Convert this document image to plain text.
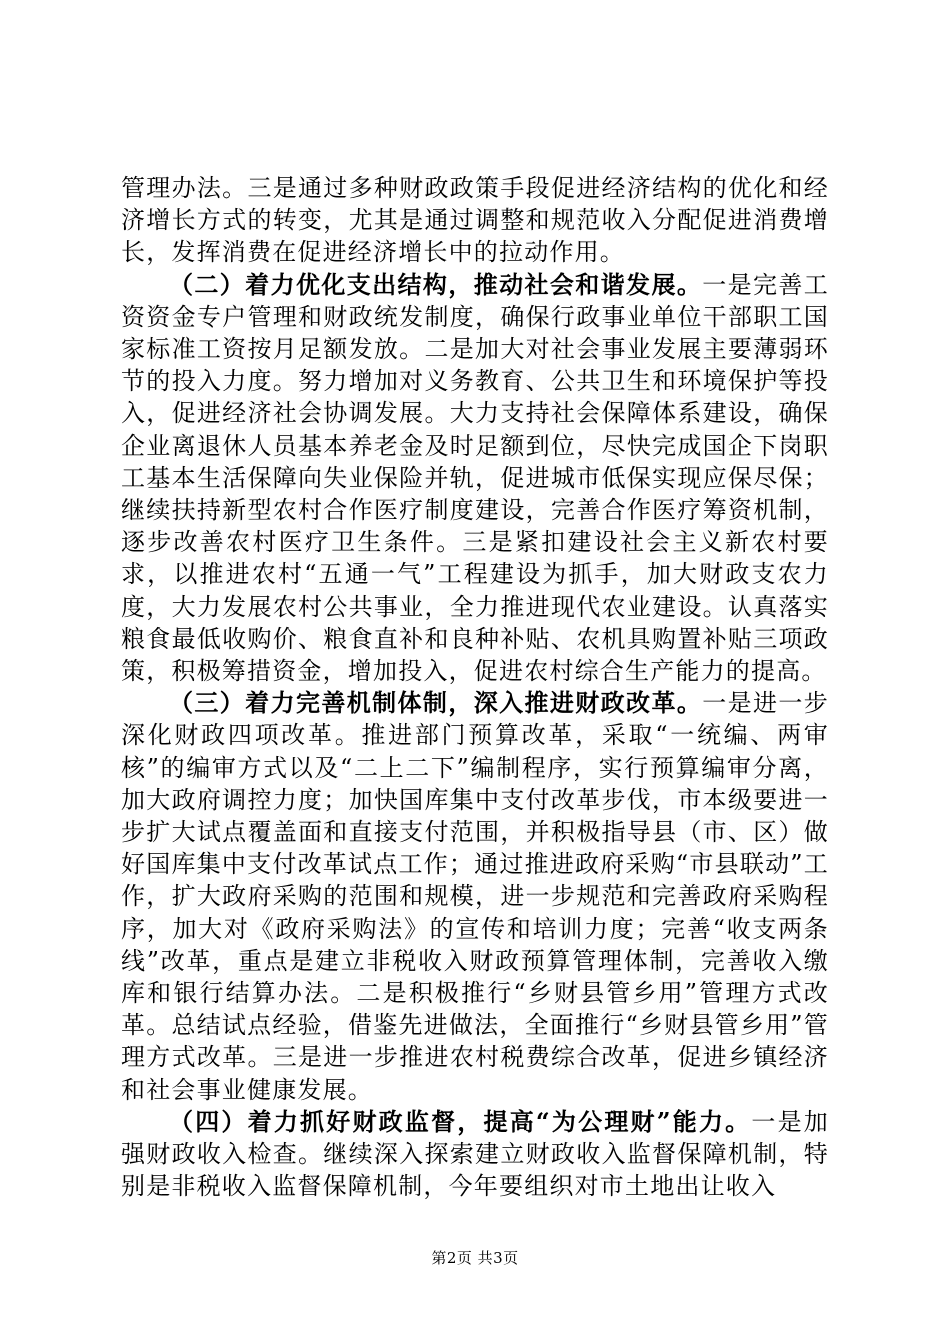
管理办法。三是通过多种财政政策手段促进经济结构的优化和经济增长方式的转变，尤其是通过调整和规范收入分配促进消费增长，发挥消费在促进经济增长中的拉动作用。

（二）着力优化支出结构，推动社会和谐发展。一是完善工资资金专户管理和财政统发制度，确保行政事业单位干部职工国家标准工资按月足额发放。二是加大对社会事业发展主要薄弱环节的投入力度。努力增加对义务教育、公共卫生和环境保护等投入，促进经济社会协调发展。大力支持社会保障体系建设，确保企业离退休人员基本养老金及时足额到位，尽快完成国企下岗职工基本生活保障向失业保险并轨，促进城市低保实现应保尽保；继续扶持新型农村合作医疗制度建设，完善合作医疗筹资机制，逐步改善农村医疗卫生条件。三是紧扣建设社会主义新农村要求，以推进农村“五通一气”工程建设为抓手，加大财政支农力度，大力发展农村公共事业，全力推进现代农业建设。认真落实粮食最低收购价、粮食直补和良种补贴、农机具购置补贴三项政策，积极筹措资金，增加投入，促进农村综合生产能力的提高。

（三）着力完善机制体制，深入推进财政改革。一是进一步深化财政四项改革。推进部门预算改革，采取“一统编、两审核”的编审方式以及“二上二下”编制程序，实行预算编审分离，加大政府调控力度；加快国库集中支付改革步伐，市本级要进一步扩大试点覆盖面和直接支付范围，并积极指导县（市、区）做好国库集中支付改革试点工作；通过推进政府采购“市县联动”工作，扩大政府采购的范围和规模，进一步规范和完善政府采购程序，加大对《政府采购法》的宣传和培训力度；完善“收支两条线”改革，重点是建立非税收入财政预算管理体制，完善收入缴库和银行结算办法。二是积极推行“乡财县管乡用”管理方式改革。总结试点经验，借鉴先进做法，全面推行“乡财县管乡用”管理方式改革。三是进一步推进农村税费综合改革，促进乡镇经济和社会事业健康发展。

（四）着力抓好财政监督，提高“为公理财”能力。一是加强财政收入检查。继续深入探索建立财政收入监督保障机制，特别是非税收入监督保障机制，今年要组织对市土地出让收入

第2页 共3页
